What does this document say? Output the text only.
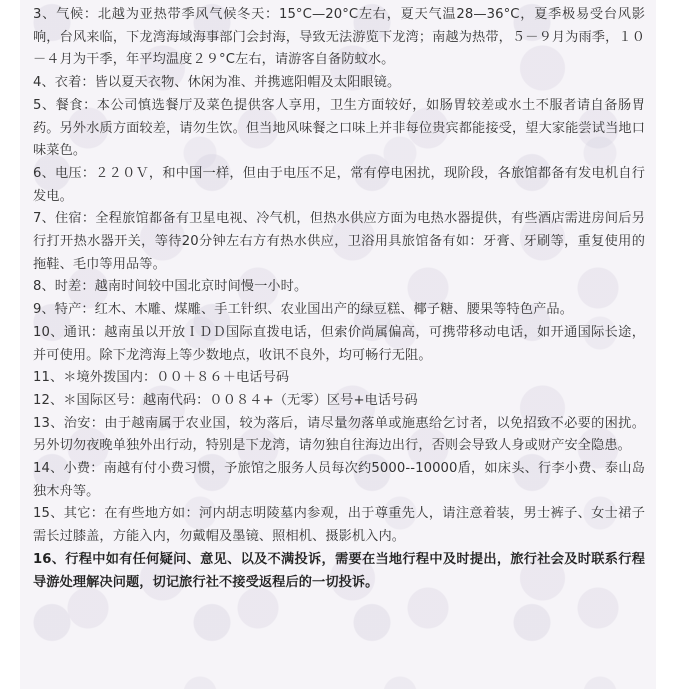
3、气候：北越为亚热带季风气候冬天：15°C—20°C左右，夏天气温28—36°C，夏季极易受台风影响，台风来临，下龙湾海域海事部门会封海，导致无法游览下龙湾；南越为热带，５－９月为雨季，１０－４月为干季，年平均温度２９°C左右，请游客自备防蚊水。

4、衣着：皆以夏天衣物、休闲为准、并携遮阳帽及太阳眼镜。

5、餐食：本公司慎选餐厅及菜色提供客人享用，卫生方面较好，如肠胃较差或水土不服者请自备肠胃药。另外水质方面较差，请勿生饮。但当地风味餐之口味上并非每位贵宾都能接受，望大家能尝试当地口味菜色。

6、电压：２２０Ｖ，和中国一样，但由于电压不足，常有停电困扰，现阶段，各旅馆都备有发电机自行发电。

7、住宿：全程旅馆都备有卫星电视、冷气机，但热水供应方面为电热水器提供，有些酒店需进房间后另行打开热水器开关，等待20分钟左右方有热水供应，卫浴用具旅馆备有如：牙膏、牙刷等，重复使用的拖鞋、毛巾等用品等。

8、时差：越南时间较中国北京时间慢一小时。

9、特产：红木、木雕、煤雕、手工针织、农业国出产的绿豆糕、椰子糖、腰果等特色产品。

10、通讯：越南虽以开放ＩＤＤ国际直拨电话，但索价尚属偏高，可携带移动电话，如开通国际长途，并可使用。除下龙湾海上等少数地点，收讯不良外，均可畅行无阻。

11、＊境外拨国内：００＋８６＋电话号码

12、＊国际区号：越南代码：００８４+（无零）区号+电话号码

13、治安：由于越南属于农业国，较为落后，请尽量勿落单或施惠给乞讨者，以免招致不必要的困扰。另外切勿夜晚单独外出行动，特别是下龙湾，请勿独自往海边出行，否则会导致人身或财产安全隐患。

14、小费：南越有付小费习惯，予旅馆之服务人员每次约5000--10000盾，如床头、行李小费、泰山岛独木舟等。

15、其它：在有些地方如：河内胡志明陵墓内参观，出于尊重先人，请注意着装，男士裤子、女士裙子需长过膝盖，方能入内，勿戴帽及墨镜、照相机、摄影机入内。

16、行程中如有任何疑问、意见、以及不满投诉，需要在当地行程中及时提出，旅行社会及时联系行程导游处理解决问题，切记旅行社不接受返程后的一切投诉。
